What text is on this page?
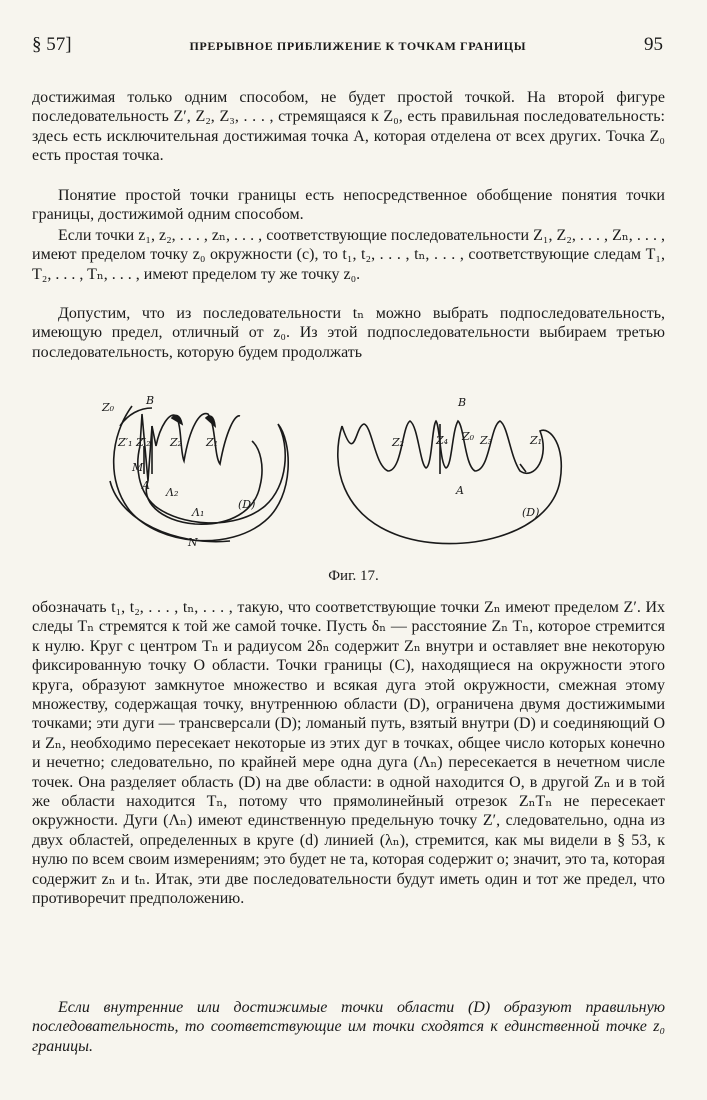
§ 57]	ПРЕРЫВНОЕ ПРИБЛИЖЕНИЕ К ТОЧКАМ ГРАНИЦЫ	95

достижимая только одним способом, не будет простой точкой. На второй фигуре последовательность Z′, Z₂, Z₃, . . . , стремящаяся к Z₀, есть правильная последовательность: здесь есть исключительная достижимая точка A, которая отделена от всех других. Точка Z₀ есть простая точка.

Понятие простой точки границы есть непосредственное обобщение понятия точки границы, достижимой одним способом.

Если точки z₁, z₂, . . . , zₙ, . . . , соответствующие последовательности Z₁, Z₂, . . . , Zₙ, . . . , имеют пределом точку z₀ окружности (c), то t₁, t₂, . . . , tₙ, . . . , соответствующие следам T₁, T₂, . . . , Tₙ, . . . , имеют пределом ту же точку z₀.

Допустим, что из последовательности tₙ можно выбрать подпоследовательность, имеющую предел, отличный от z₀. Из этой подпоследовательности выбираем третью последовательность, которую будем продолжать

Z₀
B
Z′₁ Z′₂ Z₂ Z₁
M
A
Λ₂
Λ₁
(D)
N
B
Z₂	Z₄ Z₀ Z₃	Z₁
A
(D)
Фиг. 17.

обозначать t₁, t₂, . . . , tₙ, . . . , такую, что соответствующие точки Zₙ имеют пределом Z′. Их следы Tₙ стремятся к той же самой точке. Пусть δₙ — расстояние Zₙ Tₙ, которое стремится к нулю. Круг с центром Tₙ и радиусом 2δₙ содержит Zₙ внутри и оставляет вне некоторую фиксированную точку O области. Точки границы (C), находящиеся на окружности этого круга, образуют замкнутое множество и всякая дуга этой окружности, смежная этому множеству, содержащая точку, внутреннюю области (D), ограничена двумя достижимыми точками; эти дуги — трансверсали (D); ломаный путь, взятый внутри (D) и соединяющий O и Zₙ, необходимо пересекает некоторые из этих дуг в точках, общее число которых конечно и нечетно; следовательно, по крайней мере одна дуга (Λₙ) пересекается в нечетном числе точек. Она разделяет область (D) на две области: в одной находится O, в другой Zₙ и в той же области находится Tₙ, потому что прямолинейный отрезок ZₙTₙ не пересекает окружности. Дуги (Λₙ) имеют единственную предельную точку Z′, следовательно, одна из двух областей, определенных в круге (d) линией (λₙ), стремится, как мы видели в § 53, к нулю по всем своим измерениям; это будет не та, которая содержит o; значит, это та, которая содержит zₙ и tₙ. Итак, эти две последовательности будут иметь один и тот же предел, что противоречит предположению.

Если внутренние или достижимые точки области (D) образуют правильную последовательность, то соответствующие им точки сходятся к единственной точке z₀ границы.
